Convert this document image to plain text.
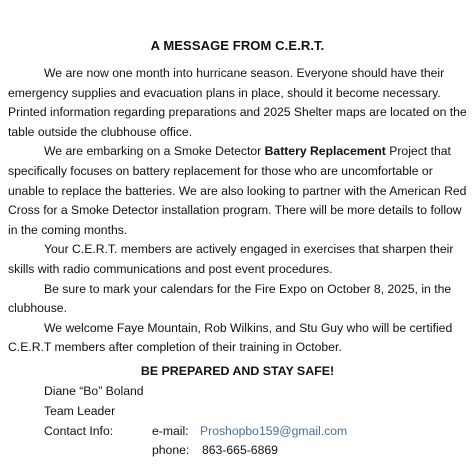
A MESSAGE FROM C.E.R.T.

We are now one month into hurricane season. Everyone should have their emergency supplies and evacuation plans in place, should it become necessary. Printed information regarding preparations and 2025 Shelter maps are located on the table outside the clubhouse office.

We are embarking on a Smoke Detector Battery Replacement Project that specifically focuses on battery replacement for those who are uncomfortable or unable to replace the batteries. We are also looking to partner with the American Red Cross for a Smoke Detector installation program. There will be more details to follow in the coming months.

Your C.E.R.T. members are actively engaged in exercises that sharpen their skills with radio communications and post event procedures.

Be sure to mark your calendars for the Fire Expo on October 8, 2025, in the clubhouse.

We welcome Faye Mountain, Rob Wilkins, and Stu Guy who will be certified C.E.R.T members after completion of their training in October.

BE PREPARED AND STAY SAFE!
Diane “Bo” Boland
Team Leader
Contact Info:	e-mail: Proshopbo159@gmail.com
phone: 863-665-6869
